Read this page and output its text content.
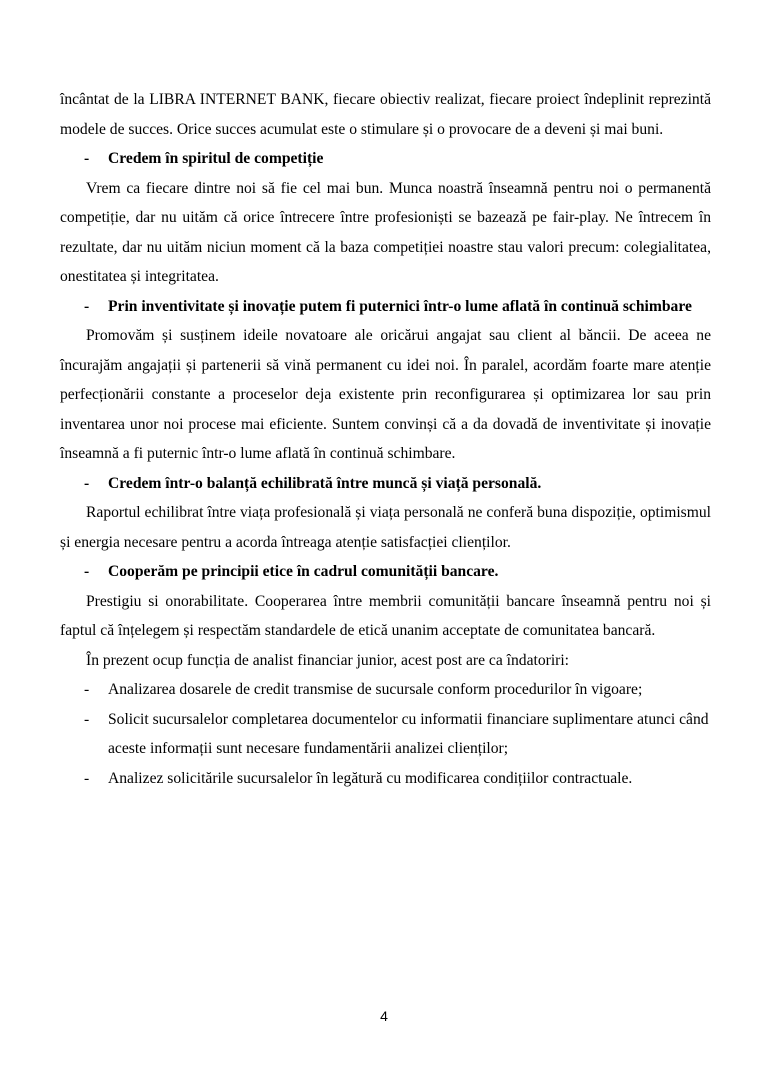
încântat de la LIBRA INTERNET BANK, fiecare obiectiv realizat, fiecare proiect îndeplinit reprezintă modele de succes. Orice succes acumulat este o stimulare și o provocare de a deveni și mai buni.

- Credem în spiritul de competiție

Vrem ca fiecare dintre noi să fie cel mai bun. Munca noastră înseamnă pentru noi o permanentă competiție, dar nu uităm că orice întrecere între profesioniști se bazează pe fair-play. Ne întrecem în rezultate, dar nu uităm niciun moment că la baza competiției noastre stau valori precum: colegialitatea, onestitatea și integritatea.

- Prin inventivitate și inovație putem fi puternici într-o lume aflată în continuă schimbare

Promovăm și susținem ideile novatoare ale oricărui angajat sau client al băncii. De aceea ne încurajăm angajații și partenerii să vină permanent cu idei noi. În paralel, acordăm foarte mare atenție perfecționării constante a proceselor deja existente prin reconfigurarea și optimizarea lor sau prin inventarea unor noi procese mai eficiente. Suntem convinși că a da dovadă de inventivitate și inovație înseamnă a fi puternic într-o lume aflată în continuă schimbare.

- Credem într-o balanță echilibrată între muncă și viață personală.

Raportul echilibrat între viața profesională și viața personală ne conferă buna dispoziție, optimismul și energia necesare pentru a acorda întreaga atenție satisfacției clienților.

- Cooperăm pe principii etice în cadrul comunității bancare.

Prestigiu si onorabilitate. Cooperarea între membrii comunității bancare înseamnă pentru noi și faptul că înțelegem și respectăm standardele de etică unanim acceptate de comunitatea bancară.

În prezent ocup funcția de analist financiar junior, acest post are ca îndatoriri:

- Analizarea dosarele de credit transmise de sucursale conform procedurilor în vigoare;

- Solicit sucursalelor completarea documentelor cu informatii financiare suplimentare atunci când aceste informații sunt necesare fundamentării analizei clienților;

- Analizez solicitările sucursalelor în legătură cu modificarea condițiilor contractuale.

4
